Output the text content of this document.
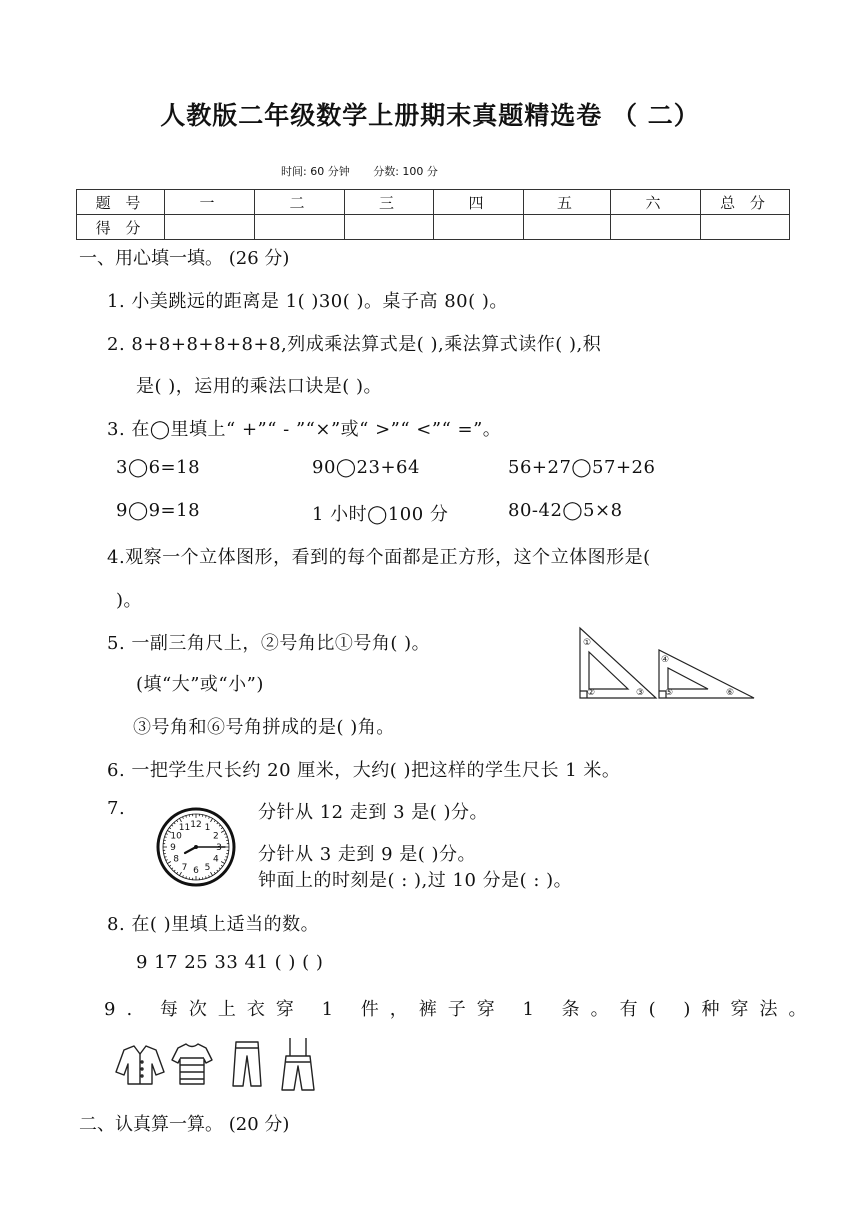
人教版二年级数学上册期末真题精选卷 （ 二）
时间: 60 分钟 分数: 100 分
题 号	一	二	三	四	五	六	总 分
得 分							
一、用心填一填。 (26 分)
1. 小美跳远的距离是 1( )30( )。桌子高 80( )。
2. 8+8+8+8+8+8,列成乘法算式是( ),乘法算式读作( ),积
是( )，运用的乘法口诀是( )。
3. 在◯里填上“ +”“ - ”“×”或“ >”“ <”“ =”。
3◯6=18	90◯23+64	56+27◯57+26
9◯9=18	1 小时◯100 分	80-42◯5×8
4.观察一个立体图形，看到的每个面都是正方形，这个立体图形是(
)。
5. 一副三角尺上，②号角比①号角( )。
(填“大”或“小”)
③号角和⑥号角拼成的是( )角。
①
②	③
④
⑤	⑥
6. 一把学生尺长约 20 厘米，大约( )把这样的学生尺长 1 米。
7.	分针从 12 走到 3 是( )分。
分针从 3 走到 9 是( )分。
钟面上的时刻是( : ),过 10 分是( : )。
12 1
2
3
4
5
6
7
8
9
10
11
8. 在( )里填上适当的数。
9 17 25 33 41 ( ) ( )
9. 每次上衣穿 1 件，裤子穿 1 条。有( )种穿法。
二、认真算一算。 (20 分)
